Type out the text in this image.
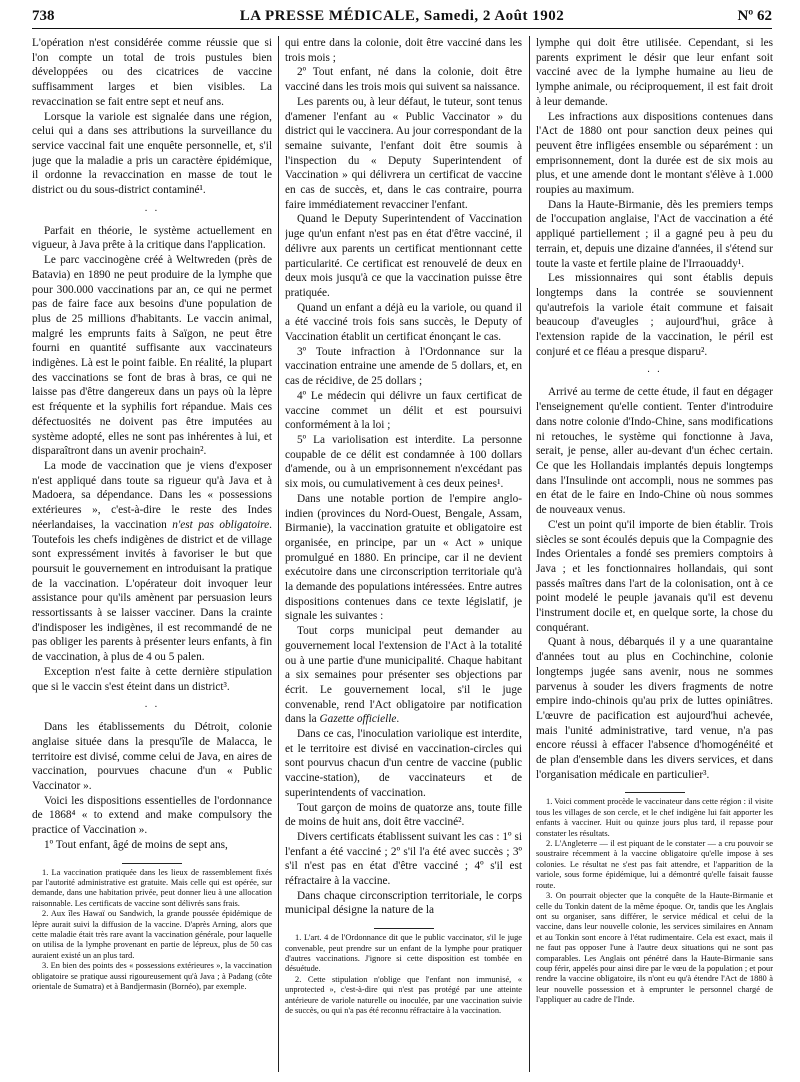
738	LA PRESSE MÉDICALE, Samedi, 2 Août 1902	Nº 62

L'opération n'est considérée comme réussie que si l'on compte un total de trois pustules bien développées ou des cicatrices de vaccine suffisamment larges et bien visibles. La revaccination se fait entre sept et neuf ans.

Lorsque la variole est signalée dans une région, celui qui a dans ses attributions la surveillance du service vaccinal fait une enquête personnelle, et, s'il juge que la maladie a pris un caractère épidémique, il ordonne la revaccination en masse de tout le district ou du sous-district contaminé¹.

· ·

Parfait en théorie, le système actuellement en vigueur, à Java prête à la critique dans l'application.

Le parc vaccinogène créé à Weltwreden (près de Batavia) en 1890 ne peut produire de la lymphe que pour 300.000 vaccinations par an, ce qui ne permet pas de faire face aux besoins d'une population de plus de 25 millions d'habitants. Le vaccin animal, malgré les emprunts faits à Saïgon, ne peut être fourni en quantité suffisante aux vaccinateurs indigènes. Là est le point faible. En réalité, la plupart des vaccinations se font de bras à bras, ce qui ne laisse pas d'être dangereux dans un pays où la lèpre est fréquente et la syphilis fort répandue. Mais ces défectuosités ne doivent pas être imputées au système adopté, elles ne sont pas inhérentes à lui, et disparaîtront dans un avenir prochain².

La mode de vaccination que je viens d'exposer n'est appliqué dans toute sa rigueur qu'à Java et à Madoera, sa dépendance. Dans les « possessions extérieures », c'est-à-dire le reste des Indes néerlandaises, la vaccination n'est pas obligatoire. Toutefois les chefs indigènes de district et de village sont expressément invités à favoriser le but que poursuit le gouvernement en introduisant la pratique de la vaccination. L'opérateur doit invoquer leur assistance pour qu'ils amènent par persuasion leurs ressortissants à se laisser vacciner. Dans la crainte d'indisposer les indigènes, il est recommandé de ne pas obliger les parents à présenter leurs enfants, à fin de vaccination, à plus de 4 ou 5 palen.

Exception n'est faite à cette dernière stipulation que si le vaccin s'est éteint dans un district³.

· ·

Dans les établissements du Détroit, colonie anglaise située dans la presqu'île de Malacca, le territoire est divisé, comme celui de Java, en aires de vaccination, pourvues chacune d'un « Public Vaccinator ».

Voici les dispositions essentielles de l'ordonnance de 1868⁴ « to extend and make compulsory the practice of Vaccination ».

1º Tout enfant, âgé de moins de sept ans,

1. La vaccination pratiquée dans les lieux de rassemblement fixés par l'autorité administrative est gratuite. Mais celle qui est opérée, sur demande, dans une habitation privée, peut donner lieu à une allocation raisonnable. Les certificats de vaccine sont délivrés sans frais.

2. Aux îles Hawaï ou Sandwich, la grande poussée épidémique de lèpre aurait suivi la diffusion de la vaccine. D'après Arning, alors que cette maladie était très rare avant la vaccination générale, pour laquelle on utilisa de la lymphe provenant en partie de lépreux, plus de 50 cas auraient existé un an plus tard.

3. En bien des points des « possessions extérieures », la vaccination obligatoire se pratique aussi rigoureusement qu'à Java ; à Padang (côte orientale de Sumatra) et à Bandjermasin (Bornéo), par exemple.

qui entre dans la colonie, doit être vacciné dans les trois mois ;

2º Tout enfant, né dans la colonie, doit être vacciné dans les trois mois qui suivent sa naissance.

Les parents ou, à leur défaut, le tuteur, sont tenus d'amener l'enfant au « Public Vaccinator » du district qui le vaccinera. Au jour correspondant de la semaine suivante, l'enfant doit être soumis à l'inspection du « Deputy Superintendent of Vaccination » qui délivrera un certificat de vaccine en cas de succès, et, dans le cas contraire, pourra faire immédiatement revacciner l'enfant.

Quand le Deputy Superintendent of Vaccination juge qu'un enfant n'est pas en état d'être vacciné, il délivre aux parents un certificat mentionnant cette particularité. Ce certificat est renouvelé de deux en deux mois jusqu'à ce que la vaccination puisse être pratiquée.

Quand un enfant a déjà eu la variole, ou quand il a été vacciné trois fois sans succès, le Deputy of Vaccination établit un certificat énonçant le cas.

3º Toute infraction à l'Ordonnance sur la vaccination entraine une amende de 5 dollars, et, en cas de récidive, de 25 dollars ;

4º Le médecin qui délivre un faux certificat de vaccine commet un délit et est poursuivi conformément à la loi ;

5º La variolisation est interdite. La personne coupable de ce délit est condamnée à 100 dollars d'amende, ou à un emprisonnement n'excédant pas six mois, ou cumulativement à ces deux peines¹.

Dans une notable portion de l'empire anglo-indien (provinces du Nord-Ouest, Bengale, Assam, Birmanie), la vaccination gratuite et obligatoire est organisée, en principe, par un « Act » unique promulgué en 1880. En principe, car il ne devient exécutoire dans une circonscription territoriale qu'à la demande des populations intéressées. Entre autres dispositions contenues dans ce texte législatif, je signale les suivantes :

Tout corps municipal peut demander au gouvernement local l'extension de l'Act à la totalité ou à une partie d'une municipalité. Chaque habitant a six semaines pour présenter ses objections par écrit. Le gouvernement local, s'il le juge convenable, rend l'Act obligatoire par notification dans la Gazette officielle.

Dans ce cas, l'inoculation variolique est interdite, et le territoire est divisé en vaccination-circles qui sont pourvus chacun d'un centre de vaccine (public vaccine-station), de vaccinateurs et de superintendents of vaccination.

Tout garçon de moins de quatorze ans, toute fille de moins de huit ans, doit être vacciné².

Divers certificats établissent suivant les cas : 1º si l'enfant a été vacciné ; 2º s'il l'a été avec succès ; 3º s'il n'est pas en état d'être vacciné ; 4º s'il est réfractaire à la vaccine.

Dans chaque circonscription territoriale, le corps municipal désigne la nature de la

1. L'art. 4 de l'Ordonnance dit que le public vaccinator, s'il le juge convenable, peut prendre sur un enfant de la lymphe pour pratiquer d'autres vaccinations. J'ignore si cette disposition est tombée en désuétude.

2. Cette stipulation n'oblige que l'enfant non immunisé, « unprotected », c'est-à-dire qui n'est pas protégé par une atteinte antérieure de variole naturelle ou inoculée, par une vaccination suivie de succès, ou qui n'a pas été reconnu réfractaire à la vaccination.

lymphe qui doit être utilisée. Cependant, si les parents expriment le désir que leur enfant soit vacciné avec de la lymphe humaine au lieu de lymphe animale, ou réciproquement, il est fait droit à leur demande.

Les infractions aux dispositions contenues dans l'Act de 1880 ont pour sanction deux peines qui peuvent être infligées ensemble ou séparément : un emprisonnement, dont la durée est de six mois au plus, et une amende dont le montant s'élève à 1.000 roupies au maximum.

Dans la Haute-Birmanie, dès les premiers temps de l'occupation anglaise, l'Act de vaccination a été appliqué partiellement ; il a gagné peu à peu du terrain, et, depuis une dizaine d'années, il s'étend sur toute la vaste et fertile plaine de l'Irraouaddy¹.

Les missionnaires qui sont établis depuis longtemps dans la contrée se souviennent qu'autrefois la variole était commune et faisait beaucoup d'aveugles ; aujourd'hui, grâce à l'extension rapide de la vaccination, le péril est conjuré et ce fléau a presque disparu².

· ·

Arrivé au terme de cette étude, il faut en dégager l'enseignement qu'elle contient. Tenter d'introduire dans notre colonie d'Indo-Chine, sans modifications ni retouches, le système qui fonctionne à Java, serait, je pense, aller au-devant d'un échec certain. Ce que les Hollandais implantés depuis longtemps dans l'Insulinde ont accompli, nous ne sommes pas en état de le faire en Indo-Chine où nous sommes de nouveaux venus.

C'est un point qu'il importe de bien établir. Trois siècles se sont écoulés depuis que la Compagnie des Indes Orientales a fondé ses premiers comptoirs à Java ; et les fonctionnaires hollandais, qui sont passés maîtres dans l'art de la colonisation, ont à ce point modelé le peuple javanais qu'il est devenu l'instrument docile et, en quelque sorte, la chose du conquérant.

Quant à nous, débarqués il y a une quarantaine d'années tout au plus en Cochinchine, colonie longtemps jugée sans avenir, nous ne sommes parvenus à souder les divers fragments de notre empire indo-chinois qu'au prix de luttes opiniâtres. L'œuvre de pacification est aujourd'hui achevée, mais l'unité administrative, tard venue, n'a pas encore réussi à effacer l'absence d'homogénéité et de plan d'ensemble dans les divers services, et dans l'organisation médicale en particulier³.

1. Voici comment procède le vaccinateur dans cette région : il visite tous les villages de son cercle, et le chef indigène lui fait apporter les enfants à vacciner. Huit ou quinze jours plus tard, il repasse pour constater les résultats.

2. L'Angleterre — il est piquant de le constater — a cru pouvoir se soustraire récemment à la vaccine obligatoire qu'elle impose à ses colonies. Le résultat ne s'est pas fait attendre, et l'apparition de la variole, sous forme épidémique, lui a démontré qu'elle faisait fausse route.

3. On pourrait objecter que la conquête de la Haute-Birmanie et celle du Tonkin datent de la même époque. Or, tandis que les Anglais ont su organiser, sans différer, le service médical et celui de la vaccine, dans leur nouvelle colonie, les services similaires en Annam et au Tonkin sont encore à l'état rudimentaire. Cela est exact, mais il ne faut pas opposer l'une à l'autre deux situations qui ne sont pas comparables. Les Anglais ont pénétré dans la Haute-Birmanie sans coup férir, appelés pour ainsi dire par le vœu de la population ; et pour rendre la vaccine obligatoire, ils n'ont eu qu'à étendre l'Act de 1880 à leur nouvelle possession et à emprunter le personnel chargé de l'appliquer au cadre de l'Inde.
